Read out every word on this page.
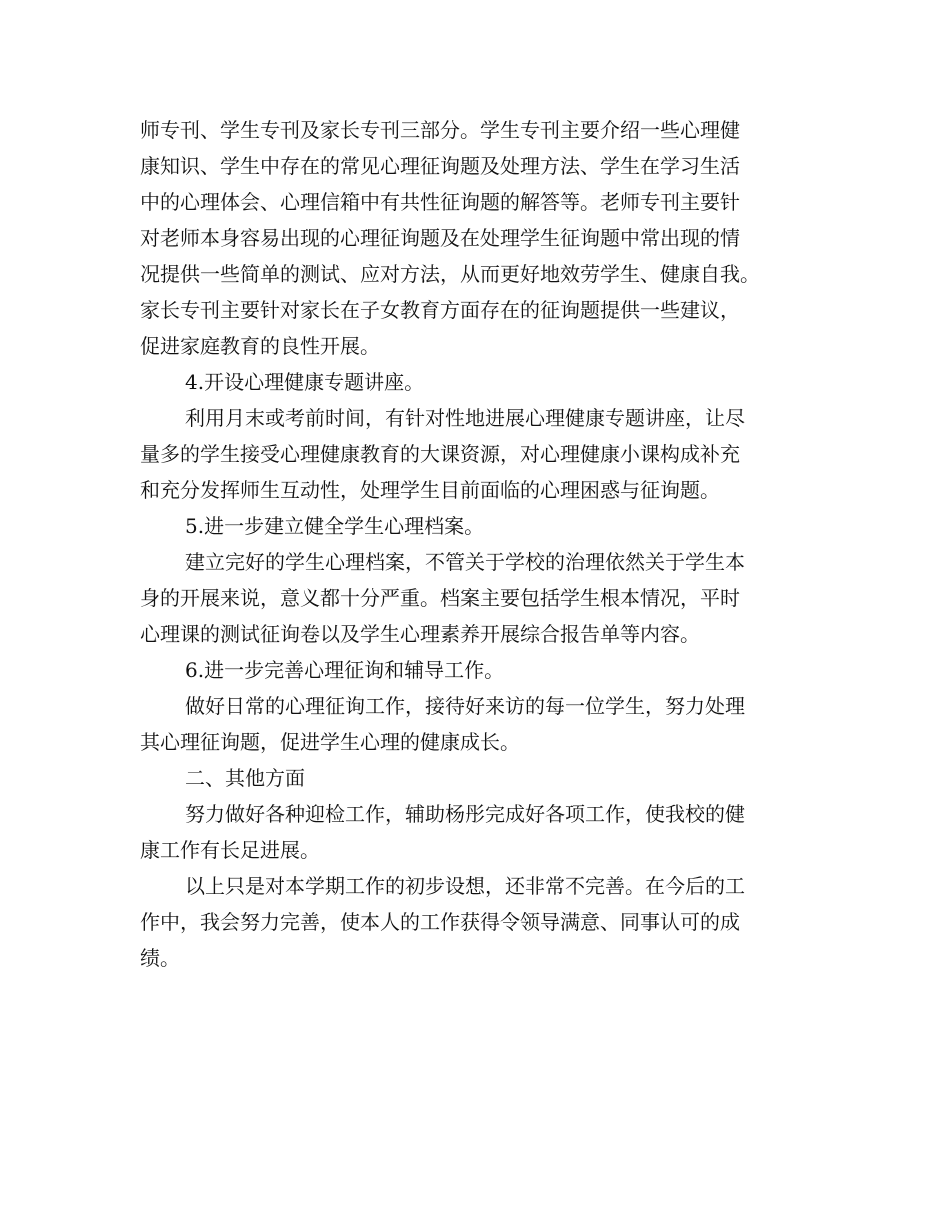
师专刊、学生专刊及家长专刊三部分。学生专刊主要介绍一些心理健
康知识、学生中存在的常见心理征询题及处理方法、学生在学习生活
中的心理体会、心理信箱中有共性征询题的解答等。老师专刊主要针
对老师本身容易出现的心理征询题及在处理学生征询题中常出现的情
况提供一些简单的测试、应对方法，从而更好地效劳学生、健康自我。
家长专刊主要针对家长在子女教育方面存在的征询题提供一些建议，
促进家庭教育的良性开展。
4.开设心理健康专题讲座。
利用月末或考前时间，有针对性地进展心理健康专题讲座，让尽
量多的学生接受心理健康教育的大课资源，对心理健康小课构成补充
和充分发挥师生互动性，处理学生目前面临的心理困惑与征询题。
5.进一步建立健全学生心理档案。
建立完好的学生心理档案，不管关于学校的治理依然关于学生本
身的开展来说，意义都十分严重。档案主要包括学生根本情况，平时
心理课的测试征询卷以及学生心理素养开展综合报告单等内容。
6.进一步完善心理征询和辅导工作。
做好日常的心理征询工作，接待好来访的每一位学生，努力处理
其心理征询题，促进学生心理的健康成长。
二、其他方面
努力做好各种迎检工作，辅助杨彤完成好各项工作，使我校的健
康工作有长足进展。
以上只是对本学期工作的初步设想，还非常不完善。在今后的工
作中，我会努力完善，使本人的工作获得令领导满意、同事认可的成
绩。
